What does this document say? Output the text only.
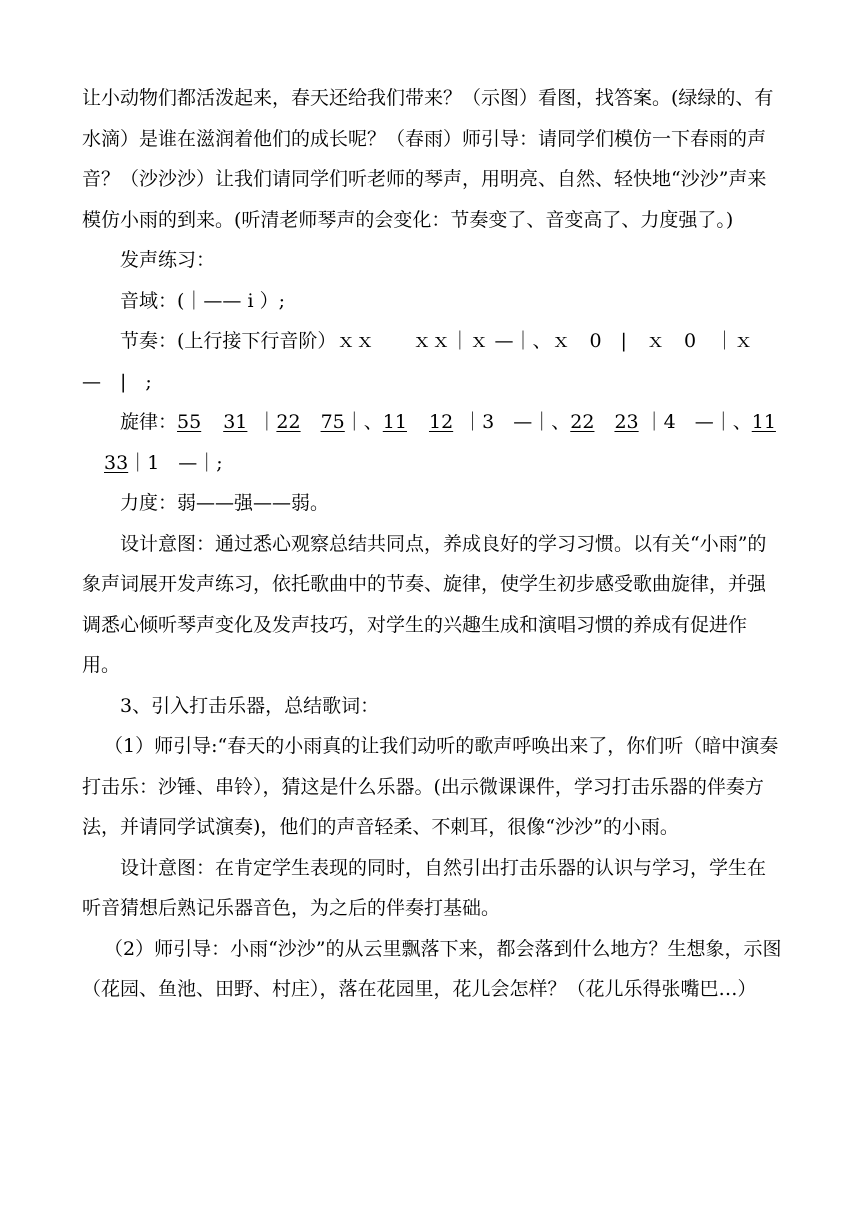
让小动物们都活泼起来，春天还给我们带来？（示图）看图，找答案。(绿绿的、有水滴）是谁在滋润着他们的成长呢？（春雨）师引导：请同学们模仿一下春雨的声音？（沙沙沙）让我们请同学们听老师的琴声，用明亮、自然、轻快地“沙沙”声来模仿小雨的到来。(听清老师琴声的会变化：节奏变了、音变高了、力度强了。)

发声练习：

音域：(｜—— i ）;

节奏：(上行接下行音阶）ｘｘ　　ｘｘ｜ｘ —｜、ｘ　0　|　ｘ　0　｜ｘ　—　|　;

旋律：55 31 ｜22 75｜、11 12 ｜3　—｜、22 23 ｜4　—｜、1133｜1　—｜;

力度：弱——强——弱。

设计意图：通过悉心观察总结共同点，养成良好的学习习惯。以有关“小雨”的象声词展开发声练习，依托歌曲中的节奏、旋律，使学生初步感受歌曲旋律，并强调悉心倾听琴声变化及发声技巧，对学生的兴趣生成和演唱习惯的养成有促进作用。

3、引入打击乐器，总结歌词：

（1）师引导:“春天的小雨真的让我们动听的歌声呼唤出来了，你们听（暗中演奏打击乐：沙锤、串铃），猜这是什么乐器。(出示微课课件，学习打击乐器的伴奏方法，并请同学试演奏)，他们的声音轻柔、不刺耳，很像“沙沙”的小雨。

设计意图：在肯定学生表现的同时，自然引出打击乐器的认识与学习，学生在听音猜想后熟记乐器音色，为之后的伴奏打基础。

（2）师引导：小雨“沙沙”的从云里飘落下来，都会落到什么地方？生想象，示图（花园、鱼池、田野、村庄），落在花园里，花儿会怎样？（花儿乐得张嘴巴…）
